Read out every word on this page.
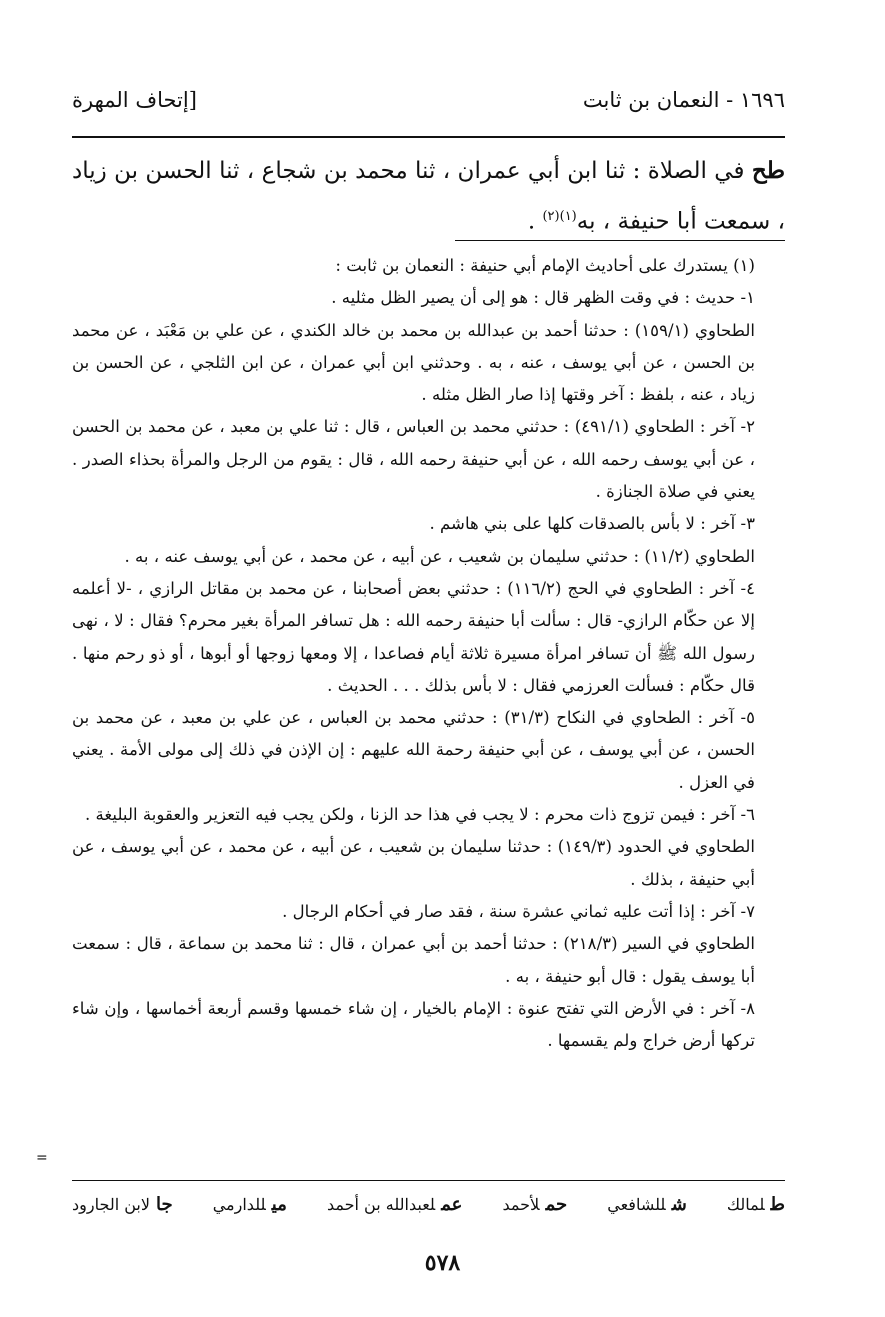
١٦٩٦ - النعمان بن ثابت
[إتحاف المهرة
طح في الصلاة : ثنا ابن أبي عمران ، ثنا محمد بن شجاع ، ثنا الحسن بن زياد ، سمعت أبا حنيفة ، به$^{(١)(٢)}$ .

(١) يستدرك على أحاديث الإمام أبي حنيفة : النعمان بن ثابت :

١- حديث : في وقت الظهر قال : هو إلى أن يصير الظل مثليه .

الطحاوي (١٥٩/١) : حدثنا أحمد بن عبدالله بن محمد بن خالد الكندي ، عن علي بن مَعْبَد ، عن محمد بن الحسن ، عن أبي يوسف ، عنه ، به . وحدثني ابن أبي عمران ، عن ابن الثلجي ، عن الحسن بن زياد ، عنه ، بلفظ : آخر وقتها إذا صار الظل مثله .

٢- آخر : الطحاوي (٤٩١/١) : حدثني محمد بن العباس ، قال : ثنا علي بن معبد ، عن محمد بن الحسن ، عن أبي يوسف رحمه الله ، عن أبي حنيفة رحمه الله ، قال : يقوم من الرجل والمرأة بحذاء الصدر . يعني في صلاة الجنازة .

٣- آخر : لا بأس بالصدقات كلها على بني هاشم .

الطحاوي (١١/٢) : حدثني سليمان بن شعيب ، عن أبيه ، عن محمد ، عن أبي يوسف عنه ، به .

٤- آخر : الطحاوي في الحج (١١٦/٢) : حدثني بعض أصحابنا ، عن محمد بن مقاتل الرازي ، -لا أعلمه إلا عن حكّام الرازي- قال : سألت أبا حنيفة رحمه الله : هل تسافر المرأة بغير محرم؟ فقال : لا ، نهى رسول الله ﷺ أن تسافر امرأة مسيرة ثلاثة أيام فصاعدا ، إلا ومعها زوجها أو أبوها ، أو ذو رحم منها . قال حكّام : فسألت العرزمي فقال : لا بأس بذلك . . . الحديث .

٥- آخر : الطحاوي في النكاح (٣١/٣) : حدثني محمد بن العباس ، عن علي بن معبد ، عن محمد بن الحسن ، عن أبي يوسف ، عن أبي حنيفة رحمة الله عليهم : إن الإذن في ذلك إلى مولى الأمة . يعني في العزل .

٦- آخر : فيمن تزوج ذات محرم : لا يجب في هذا حد الزنا ، ولكن يجب فيه التعزير والعقوبة البليغة .

الطحاوي في الحدود (١٤٩/٣) : حدثنا سليمان بن شعيب ، عن أبيه ، عن محمد ، عن أبي يوسف ، عن أبي حنيفة ، بذلك .

٧- آخر : إذا أتت عليه ثماني عشرة سنة ، فقد صار في أحكام الرجال .

الطحاوي في السير (٢١٨/٣) : حدثنا أحمد بن أبي عمران ، قال : ثنا محمد بن سماعة ، قال : سمعت أبا يوسف يقول : قال أبو حنيفة ، به .

٨- آخر : في الأرض التي تفتح عنوة : الإمام بالخيار ، إن شاء خمسها وقسم أربعة أخماسها ، وإن شاء تركها أرض خراج ولم يقسمها .

=
طلمالك
شللشافعي
حملأحمد
عملعبدالله بن أحمد
ميللدارمي
جالابن الجارود
٥٧٨
